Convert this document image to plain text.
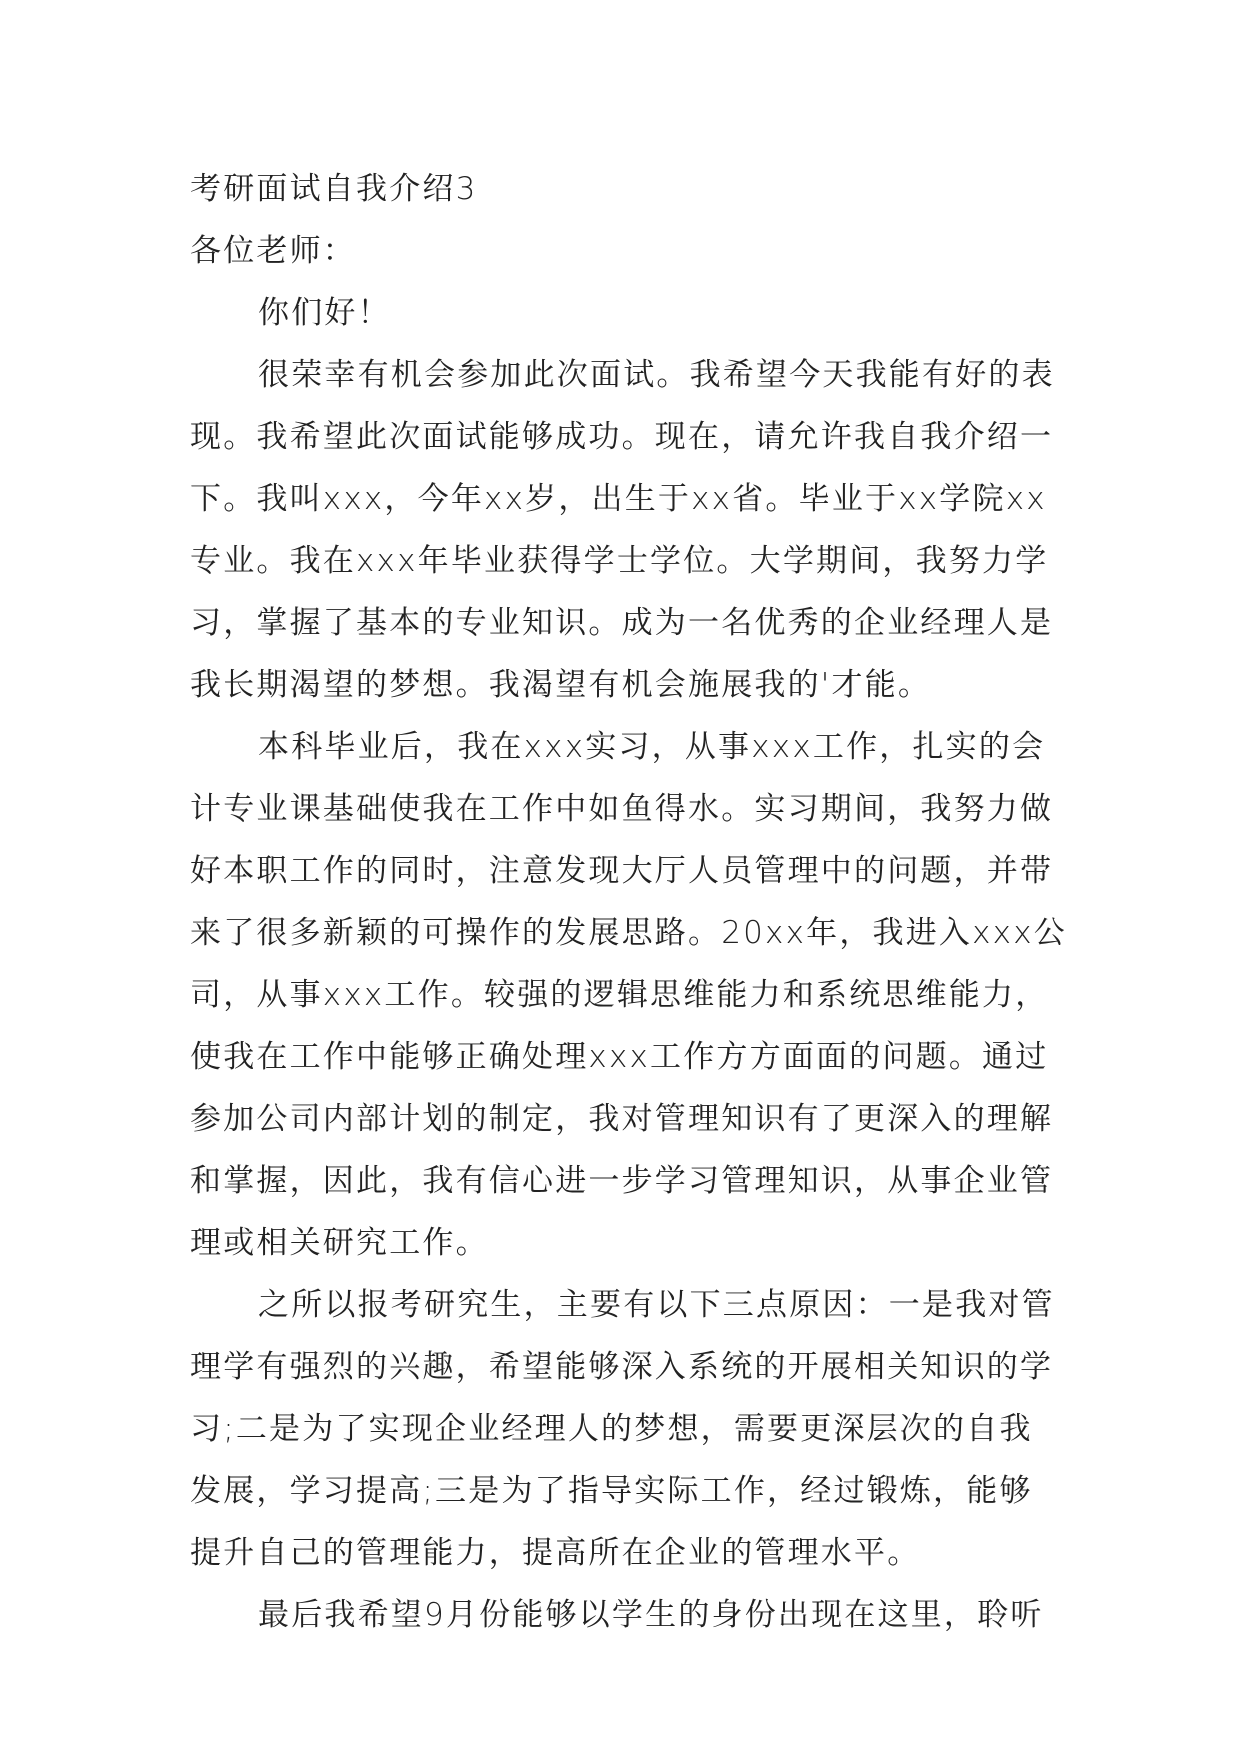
考研面试自我介绍3
各位老师：
你们好！
很荣幸有机会参加此次面试。我希望今天我能有好的表
现。我希望此次面试能够成功。现在，请允许我自我介绍一
下。我叫xxx，今年xx岁，出生于xx省。毕业于xx学院xx
专业。我在xxx年毕业获得学士学位。大学期间，我努力学
习，掌握了基本的专业知识。成为一名优秀的企业经理人是
我长期渴望的梦想。我渴望有机会施展我的'才能。
本科毕业后，我在xxx实习，从事xxx工作，扎实的会
计专业课基础使我在工作中如鱼得水。实习期间，我努力做
好本职工作的同时，注意发现大厅人员管理中的问题，并带
来了很多新颖的可操作的发展思路。20xx年，我进入xxx公
司，从事xxx工作。较强的逻辑思维能力和系统思维能力，
使我在工作中能够正确处理xxx工作方方面面的问题。通过
参加公司内部计划的制定，我对管理知识有了更深入的理解
和掌握，因此，我有信心进一步学习管理知识，从事企业管
理或相关研究工作。
之所以报考研究生，主要有以下三点原因：一是我对管
理学有强烈的兴趣，希望能够深入系统的开展相关知识的学
习;二是为了实现企业经理人的梦想，需要更深层次的自我
发展，学习提高;三是为了指导实际工作，经过锻炼，能够
提升自己的管理能力，提高所在企业的管理水平。
最后我希望9月份能够以学生的身份出现在这里，聆听
